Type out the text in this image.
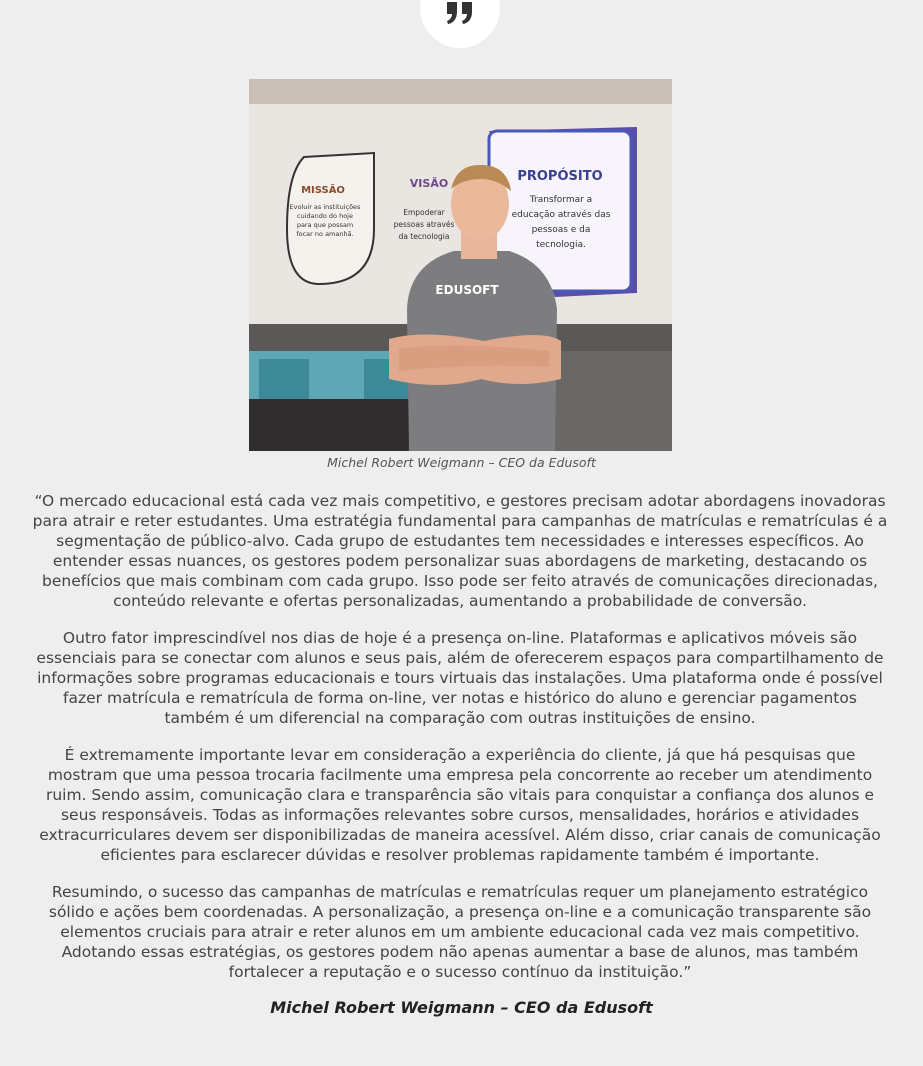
MISSÃO
Evoluir as instituições cuidando do hoje para que possam focar no amanhã.
VISÃO
Empoderar pessoas através da tecnologia
PROPÓSITO
Transformar a educação através das pessoas e da tecnologia.
EDUSOFT
Michel Robert Weigmann – CEO da Edusoft

“O mercado educacional está cada vez mais competitivo, e gestores precisam adotar abordagens inovadoras para atrair e reter estudantes. Uma estratégia fundamental para campanhas de matrículas e rematrículas é a segmentação de público-alvo. Cada grupo de estudantes tem necessidades e interesses específicos. Ao entender essas nuances, os gestores podem personalizar suas abordagens de marketing, destacando os benefícios que mais combinam com cada grupo. Isso pode ser feito através de comunicações direcionadas, conteúdo relevante e ofertas personalizadas, aumentando a probabilidade de conversão.

Outro fator imprescindível nos dias de hoje é a presença on-line. Plataformas e aplicativos móveis são essenciais para se conectar com alunos e seus pais, além de oferecerem espaços para compartilhamento de informações sobre programas educacionais e tours virtuais das instalações. Uma plataforma onde é possível fazer matrícula e rematrícula de forma on-line, ver notas e histórico do aluno e gerenciar pagamentos também é um diferencial na comparação com outras instituições de ensino.

É extremamente importante levar em consideração a experiência do cliente, já que há pesquisas que mostram que uma pessoa trocaria facilmente uma empresa pela concorrente ao receber um atendimento ruim. Sendo assim, comunicação clara e transparência são vitais para conquistar a confiança dos alunos e seus responsáveis. Todas as informações relevantes sobre cursos, mensalidades, horários e atividades extracurriculares devem ser disponibilizadas de maneira acessível. Além disso, criar canais de comunicação eficientes para esclarecer dúvidas e resolver problemas rapidamente também é importante.

Resumindo, o sucesso das campanhas de matrículas e rematrículas requer um planejamento estratégico sólido e ações bem coordenadas. A personalização, a presença on-line e a comunicação transparente são elementos cruciais para atrair e reter alunos em um ambiente educacional cada vez mais competitivo. Adotando essas estratégias, os gestores podem não apenas aumentar a base de alunos, mas também fortalecer a reputação e o sucesso contínuo da instituição.”

Michel Robert Weigmann – CEO da Edusoft
